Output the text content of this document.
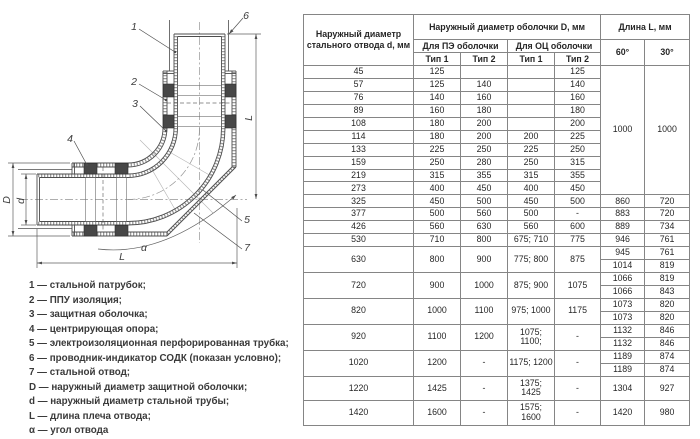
1
6
2
3
4
5
7
D d
L
L
α
1 — стальной патрубок;
2 — ППУ изоляция;
3 — защитная оболочка;
4 — центрирующая опора;
5 — электроизоляционная перфорированная трубка;
6 — проводник-индикатор СОДК (показан условно);
7 — стальной отвод;
D — наружный диаметр защитной оболочки;
d — наружный диаметр стальной трубы;
L — длина плеча отвода;
α — угол отвода
Наружный диаметр стального отвода d, мм	Наружный диаметр оболочки D, мм				Длина L, мм	
	Для ПЭ оболочки		Для ОЦ оболочки		60°	30°
	Тип 1	Тип 2	Тип 1	Тип 2		
45	125			125	1000	1000
57	125	140		140		
76	140	160		160		
89	160	180		180		
108	180	200		200		
114	180	200	200	225		
133	225	250	225	250		
159	250	280	250	315		
219	315	355	315	355		
273	400	450	400	450		
325	450	500	450	500	860	720
377	500	560	500	-	883	720
426	560	630	560	600	889	734
530	710	800	675; 710	775	946	761
630	800	900	775; 800	875	945	761
					1014	819
720	900	1000	875; 900	1075	1066	819
					1066	843
820	1000	1100	975; 1000	1175	1073	820
					1073	820
920	1100	1200	1075; 1100;	-	1132	846
					1132	846
1020	1200	-	1175; 1200	-	1189	874
					1189	874
1220	1425	-	1375; 1425	-	1304	927
1420	1600	-	1575; 1600	-	1420	980
